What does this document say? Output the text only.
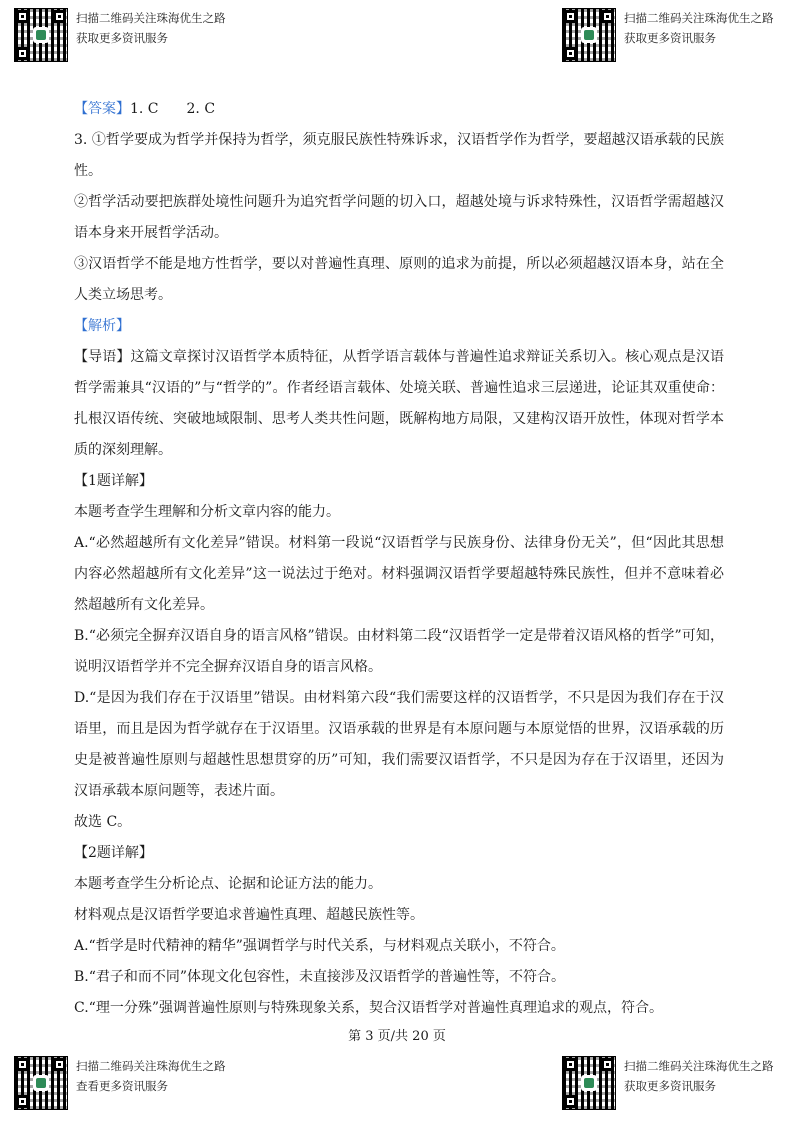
扫描二维码关注珠海优生之路
获取更多资讯服务
扫描二维码关注珠海优生之路
获取更多资讯服务

【答案】1. C　　2. C

3. ①哲学要成为哲学并保持为哲学，须克服民族性特殊诉求，汉语哲学作为哲学，要超越汉语承载的民族性。

②哲学活动要把族群处境性问题升为追究哲学问题的切入口，超越处境与诉求特殊性，汉语哲学需超越汉语本身来开展哲学活动。

③汉语哲学不能是地方性哲学，要以对普遍性真理、原则的追求为前提，所以必须超越汉语本身，站在全人类立场思考。

【解析】

【导语】这篇文章探讨汉语哲学本质特征，从哲学语言载体与普遍性追求辩证关系切入。核心观点是汉语哲学需兼具“汉语的”与“哲学的”。作者经语言载体、处境关联、普遍性追求三层递进，论证其双重使命：扎根汉语传统、突破地域限制、思考人类共性问题，既解构地方局限，又建构汉语开放性，体现对哲学本质的深刻理解。

【1题详解】

本题考查学生理解和分析文章内容的能力。

A.“必然超越所有文化差异”错误。材料第一段说“汉语哲学与民族身份、法律身份无关”，但“因此其思想内容必然超越所有文化差异”这一说法过于绝对。材料强调汉语哲学要超越特殊民族性，但并不意味着必然超越所有文化差异。

B.“必须完全摒弃汉语自身的语言风格”错误。由材料第二段“汉语哲学一定是带着汉语风格的哲学”可知，说明汉语哲学并不完全摒弃汉语自身的语言风格。

D.“是因为我们存在于汉语里”错误。由材料第六段“我们需要这样的汉语哲学，不只是因为我们存在于汉语里，而且是因为哲学就存在于汉语里。汉语承载的世界是有本原问题与本原觉悟的世界，汉语承载的历史是被普遍性原则与超越性思想贯穿的历”可知，我们需要汉语哲学，不只是因为存在于汉语里，还因为汉语承载本原问题等，表述片面。

故选 C。

【2题详解】

本题考查学生分析论点、论据和论证方法的能力。

材料观点是汉语哲学要追求普遍性真理、超越民族性等。

A.“哲学是时代精神的精华”强调哲学与时代关系，与材料观点关联小，不符合。

B.“君子和而不同”体现文化包容性，未直接涉及汉语哲学的普遍性等，不符合。

C.“理一分殊”强调普遍性原则与特殊现象关系，契合汉语哲学对普遍性真理追求的观点，符合。

第 3 页/共 20 页
扫描二维码关注珠海优生之路
查看更多资讯服务
扫描二维码关注珠海优生之路
获取更多资讯服务
